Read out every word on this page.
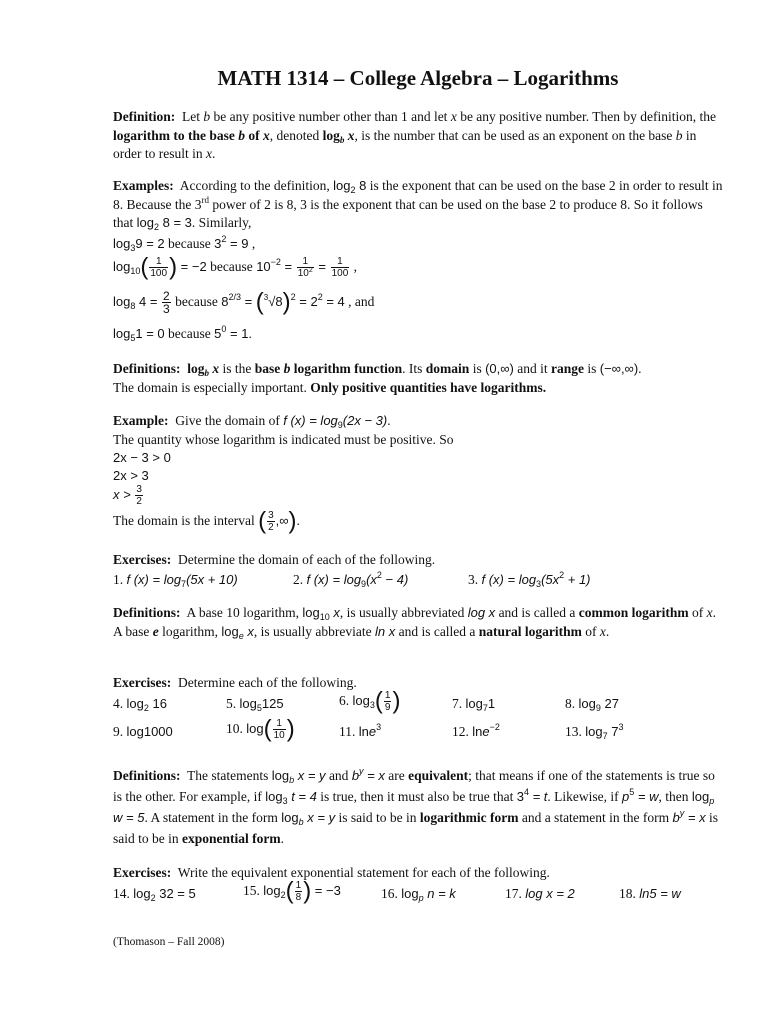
MATH 1314 – College Algebra – Logarithms
Definition: Let b be any positive number other than 1 and let x be any positive number. Then by definition, the logarithm to the base b of x, denoted $\log_b x$, is the number that can be used as an exponent on the base b in order to result in x.
Examples: According to the definition, $\log_2 8$ is the exponent that can be used on the base 2 in order to result in 8. Because the 3rd power of 2 is 8, 3 is the exponent that can be used on the base 2 to produce 8. So it follows that $\log_2 8 = 3$. Similarly,
$\log_39 = 2$ because $3^2 = 9$ ,
$\log_{10}( \frac{1}{100}$ ) = −2 because $10^{-2} = \frac{1}{10^2} = \frac{1}{100}$ ,
$\log_8 4 = \frac{2}{3}$ because $8^{2/3} = (^3√8)^2 = 2^2 = 4$ , and
$\log_51 = 0$ because $5^0 = 1$.
Definitions: $\log_b x$ is the base b logarithm function. Its domain is (0,∞) and it range is (−∞,∞).
The domain is especially important. Only positive quantities have logarithms.
Example: Give the domain of f $(x) = \log_9(2x - 3)$.
The quantity whose logarithm is indicated must be positive. So
2x − 3 > 0
2x > 3
$x > \frac{3}{2}$
The domain is the interval ( $\frac{3}{2}$ ,∞).
Exercises: Determine the domain of each of the following.
1. f $(x) = \log_7(5x + 10)$	2. f $(x) = \log_9(x^2 - 4)$	3. f $(x) = \log_3(5x^2 + 1)$
Definitions: A base 10 logarithm, $\log_{10} x$, is usually abbreviated log x and is called a common logarithm of x. A base e logarithm, $\log_e x$, is usually abbreviate ln x and is called a natural logarithm of x.
Exercises: Determine each of the following.
4. $\log_2 16$	5. $\log_5125$	6. $\log_3( \frac{1}{9}$ )	7. $\log_71$	8. $\log_9 27$
9. log1000	10. $\log( \frac{1}{10}$ )	11. lne$^3$	12. lne$^{-2}$	13. $\log_7 7^3$
Definitions: The statements $\log_b x = y$ and $b^y = x$ are equivalent; that means if one of the statements is true so is the other. For example, if $\log_3 t = 4$ is true, then it must also be true that $3^4 = t$. Likewise, if $p^5 = w$, then $\log_p w = 5$. A statement in the form $\log_b x = y$ is said to be in logarithmic form and a statement in the form $b^y = x$ is said to be in exponential form.
Exercises: Write the equivalent exponential statement for each of the following.
14. $\log_2 32 = 5$	15. $\log_2( \frac{1}{8}$ ) = −3	16. $\log_p n = k$	17. log x = 2	18. ln5 = w
(Thomason – Fall 2008)
